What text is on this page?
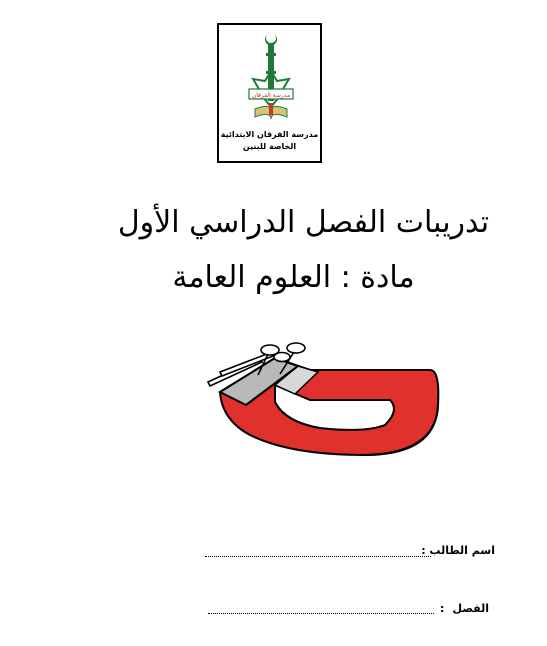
مدرسة الفرقان
مدرسة الفرقان الابتدائية
الخاصة للبنين
تدريبات الفصل الدراسي الأول
مادة : العلوم العامة
اسم الطالب :
الفصل
:
